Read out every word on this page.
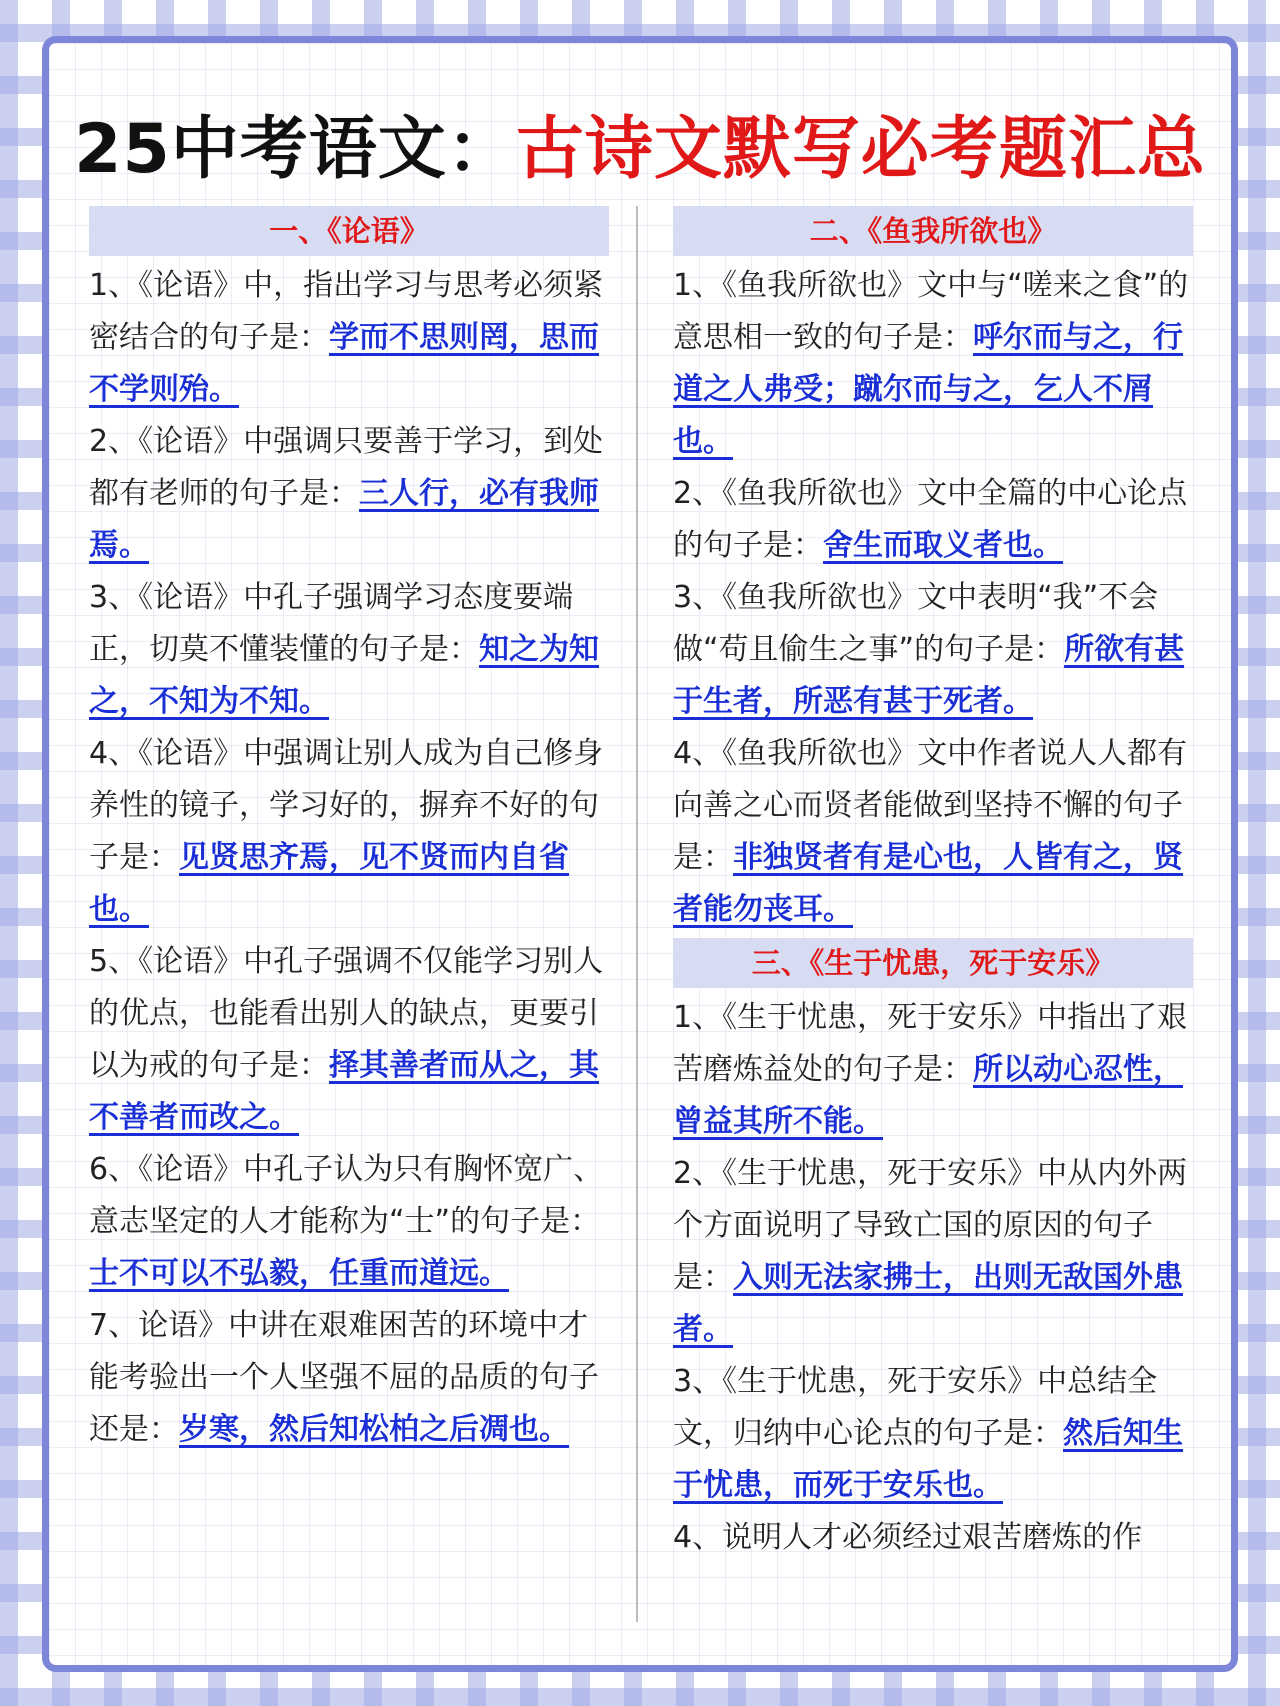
25中考语文：古诗文默写必考题汇总
一、《论语》

1、《论语》中，指出学习与思考必须紧密结合的句子是：学而不思则罔，思而不学则殆。

2、《论语》中强调只要善于学习，到处都有老师的句子是：三人行，必有我师焉。

3、《论语》中孔子强调学习态度要端正，切莫不懂装懂的句子是：知之为知之，不知为不知。

4、《论语》中强调让别人成为自己修身养性的镜子，学习好的，摒弃不好的句子是：见贤思齐焉，见不贤而内自省也。

5、《论语》中孔子强调不仅能学习别人的优点，也能看出别人的缺点，更要引以为戒的句子是：择其善者而从之，其不善者而改之。

6、《论语》中孔子认为只有胸怀宽广、意志坚定的人才能称为“士”的句子是：士不可以不弘毅，任重而道远。

7、论语》中讲在艰难困苦的环境中才能考验出一个人坚强不屈的品质的句子还是：岁寒，然后知松柏之后凋也。

二、《鱼我所欲也》

1、《鱼我所欲也》文中与“嗟来之食”的意思相一致的句子是：呼尔而与之，行道之人弗受；蹴尔而与之，乞人不屑也。

2、《鱼我所欲也》文中全篇的中心论点的句子是：舍生而取义者也。

3、《鱼我所欲也》文中表明“我”不会做“苟且偷生之事”的句子是：所欲有甚于生者，所恶有甚于死者。

4、《鱼我所欲也》文中作者说人人都有向善之心而贤者能做到坚持不懈的句子是：非独贤者有是心也，人皆有之，贤者能勿丧耳。

三、《生于忧患，死于安乐》

1、《生于忧患，死于安乐》中指出了艰苦磨炼益处的句子是：所以动心忍性，曾益其所不能。

2、《生于忧患，死于安乐》中从内外两个方面说明了导致亡国的原因的句子是：入则无法家拂士，出则无敌国外患者。

3、《生于忧患，死于安乐》中总结全文，归纳中心论点的句子是：然后知生于忧患，而死于安乐也。

4、说明人才必须经过艰苦磨炼的作
